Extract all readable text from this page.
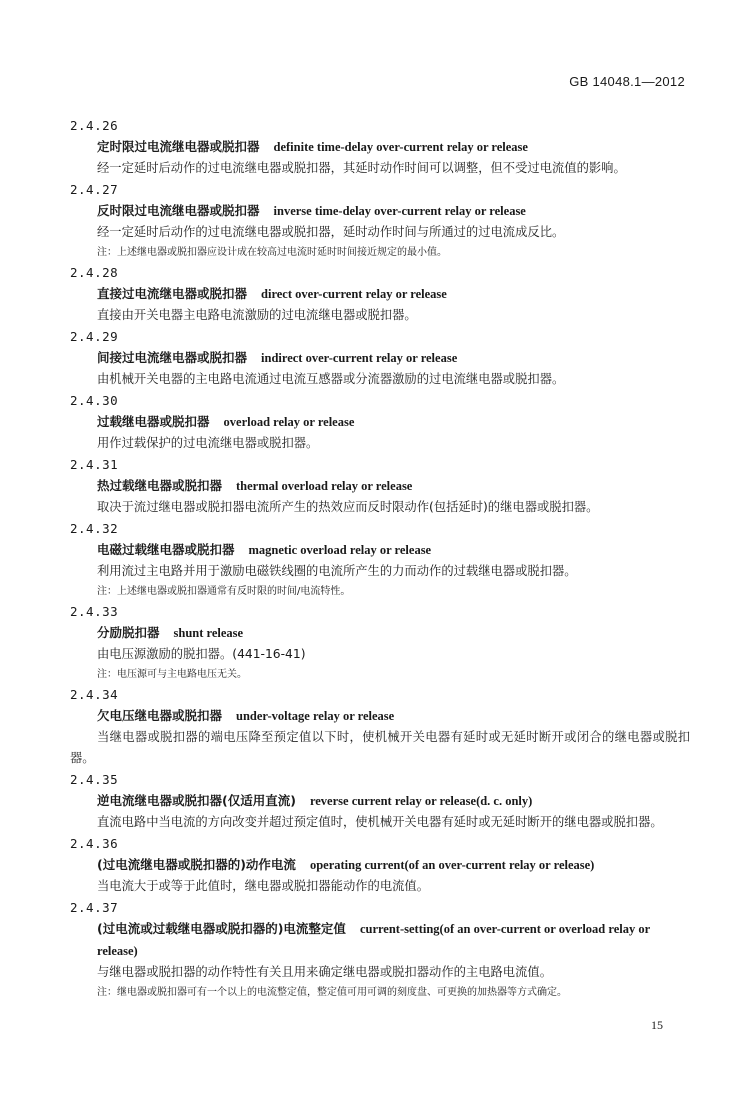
GB 14048.1—2012
2.4.26
定时限过电流继电器或脱扣器 definite time-delay over-current relay or release
经一定延时后动作的过电流继电器或脱扣器，其延时动作时间可以调整，但不受过电流值的影响。
2.4.27
反时限过电流继电器或脱扣器 inverse time-delay over-current relay or release
经一定延时后动作的过电流继电器或脱扣器，延时动作时间与所通过的过电流成反比。
注：上述继电器或脱扣器应设计成在较高过电流时延时时间接近规定的最小值。
2.4.28
直接过电流继电器或脱扣器 direct over-current relay or release
直接由开关电器主电路电流激励的过电流继电器或脱扣器。
2.4.29
间接过电流继电器或脱扣器 indirect over-current relay or release
由机械开关电器的主电路电流通过电流互感器或分流器激励的过电流继电器或脱扣器。
2.4.30
过载继电器或脱扣器 overload relay or release
用作过载保护的过电流继电器或脱扣器。
2.4.31
热过载继电器或脱扣器 thermal overload relay or release
取决于流过继电器或脱扣器电流所产生的热效应而反时限动作(包括延时)的继电器或脱扣器。
2.4.32
电磁过载继电器或脱扣器 magnetic overload relay or release
利用流过主电路并用于激励电磁铁线圈的电流所产生的力而动作的过载继电器或脱扣器。
注：上述继电器或脱扣器通常有反时限的时间/电流特性。
2.4.33
分励脱扣器 shunt release
由电压源激励的脱扣器。(441-16-41)
注：电压源可与主电路电压无关。
2.4.34
欠电压继电器或脱扣器 under-voltage relay or release
当继电器或脱扣器的端电压降至预定值以下时，使机械开关电器有延时或无延时断开或闭合的继电器或脱扣器。
2.4.35
逆电流继电器或脱扣器(仅适用直流) reverse current relay or release(d. c. only)
直流电路中当电流的方向改变并超过预定值时，使机械开关电器有延时或无延时断开的继电器或脱扣器。
2.4.36
(过电流继电器或脱扣器的)动作电流 operating current(of an over-current relay or release)
当电流大于或等于此值时，继电器或脱扣器能动作的电流值。
2.4.37
(过电流或过载继电器或脱扣器的)电流整定值 current-setting(of an over-current or overload relay or release)
与继电器或脱扣器的动作特性有关且用来确定继电器或脱扣器动作的主电路电流值。
注：继电器或脱扣器可有一个以上的电流整定值，整定值可用可调的刻度盘、可更换的加热器等方式确定。
15
